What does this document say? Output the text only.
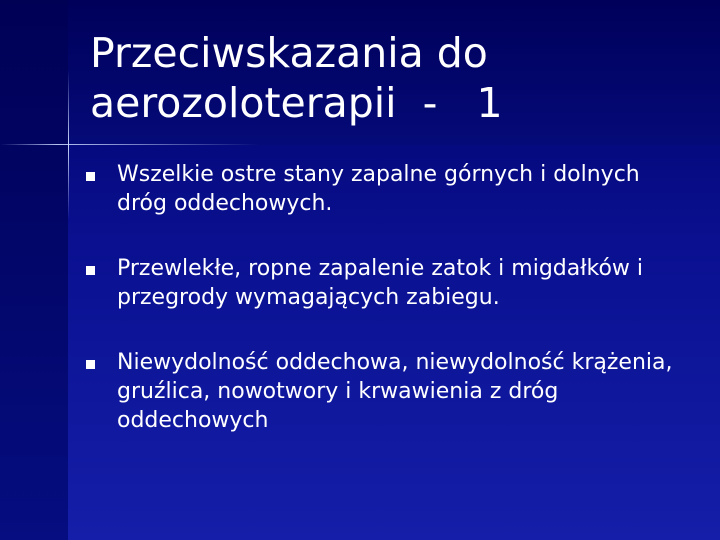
Przeciwskazania do
aerozoloterapii  -   1
Wszelkie ostre stany zapalne górnych i dolnych dróg oddechowych.
Przewlekłe, ropne zapalenie zatok i migdałków i przegrody wymagających zabiegu.
Niewydolność oddechowa, niewydolność krążenia, gruźlica, nowotwory i krwawienia z dróg oddechowych
